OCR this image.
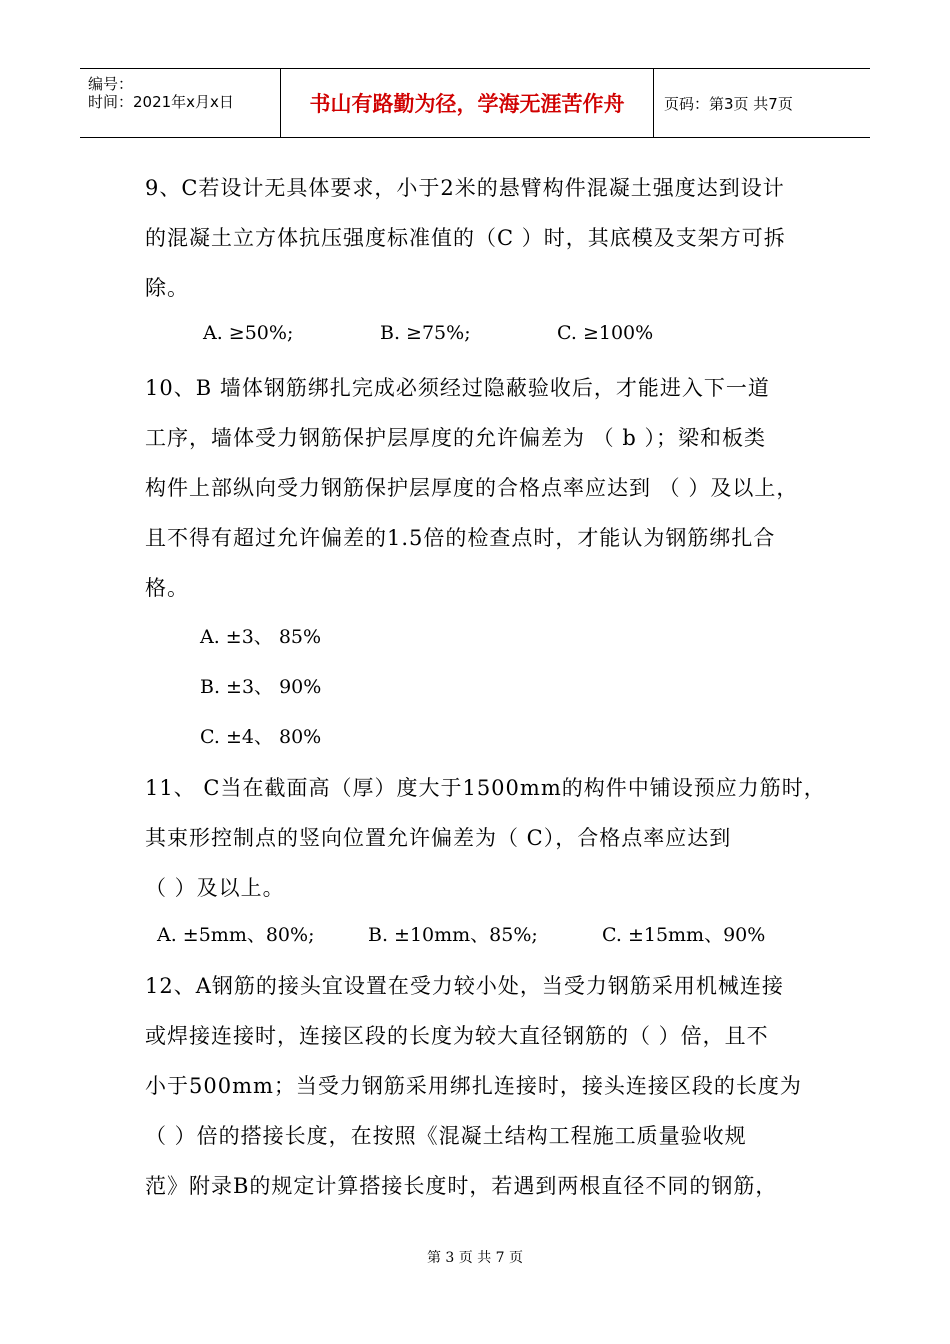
编号：
时间：2021年x月x日	书山有路勤为径，学海无涯苦作舟	页码：第3页 共7页
9、C若设计无具体要求，小于2米的悬臂构件混凝土强度达到设计
的混凝土立方体抗压强度标准值的（C ）时，其底模及支架方可拆
除。
A. ≥50%;	B. ≥75%;	C. ≥100%
10、B 墙体钢筋绑扎完成必须经过隐蔽验收后，才能进入下一道
工序，墙体受力钢筋保护层厚度的允许偏差为 （ b ）；梁和板类
构件上部纵向受力钢筋保护层厚度的合格点率应达到 （ ）及以上，
且不得有超过允许偏差的1.5倍的检查点时，才能认为钢筋绑扎合
格。
A. ±3、 85%
B. ±3、 90%
C. ±4、 80%
11、 C当在截面高（厚）度大于1500mm的构件中铺设预应力筋时，
其束形控制点的竖向位置允许偏差为（ C），合格点率应达到
（ ）及以上。
A. ±5mm、80%;	B. ±10mm、85%;	C. ±15mm、90%
12、A钢筋的接头宜设置在受力较小处，当受力钢筋采用机械连接
或焊接连接时，连接区段的长度为较大直径钢筋的（ ）倍，且不
小于500mm；当受力钢筋采用绑扎连接时，接头连接区段的长度为
（ ）倍的搭接长度，在按照《混凝土结构工程施工质量验收规
范》附录B的规定计算搭接长度时，若遇到两根直径不同的钢筋，
第 3 页 共 7 页
